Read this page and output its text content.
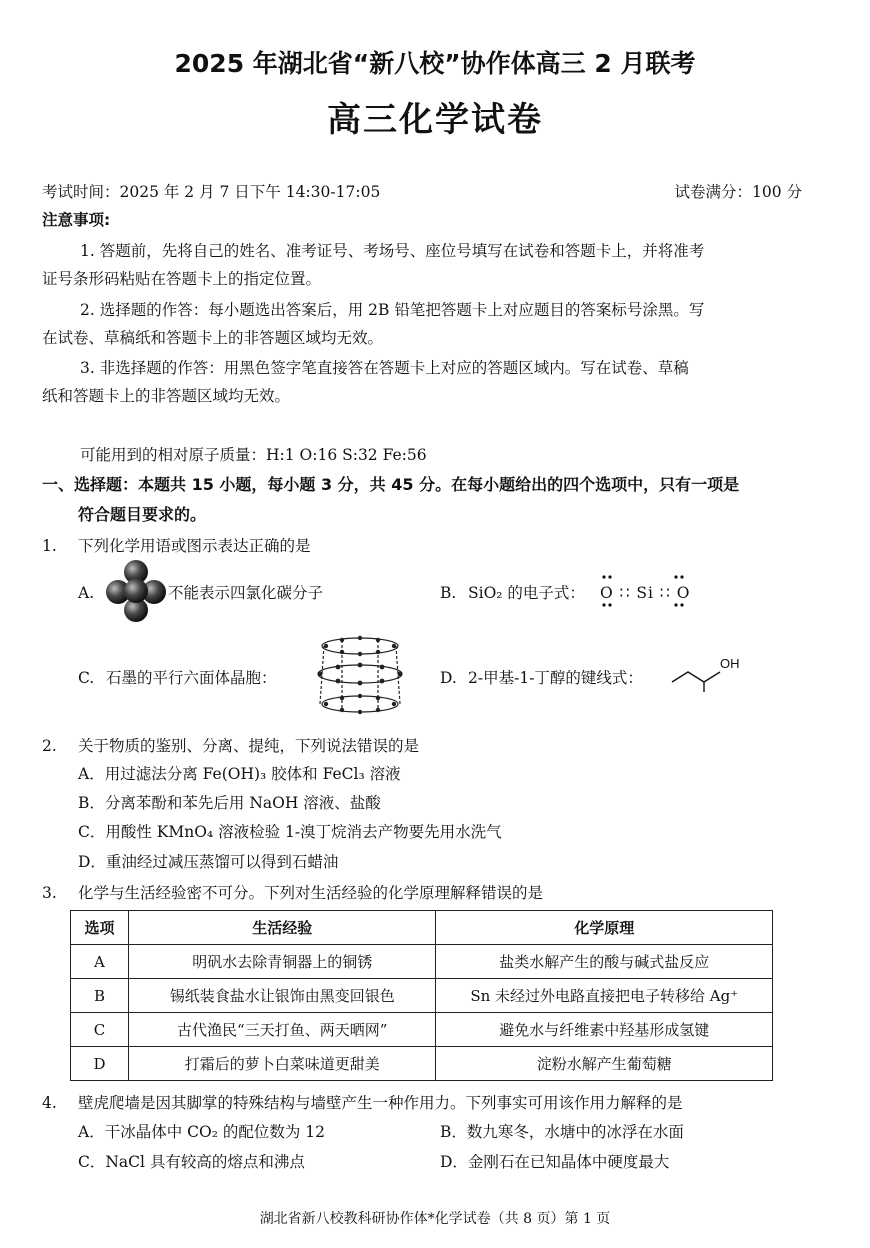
2025 年湖北省“新八校”协作体高三 2 月联考
高三化学试卷
考试时间：2025 年 2 月 7 日下午 14:30-17:05	试卷满分：100 分
注意事项:
1. 答题前，先将自己的姓名、准考证号、考场号、座位号填写在试卷和答题卡上，并将准考
证号条形码粘贴在答题卡上的指定位置。
2. 选择题的作答：每小题选出答案后，用 2B 铅笔把答题卡上对应题目的答案标号涂黑。写
在试卷、草稿纸和答题卡上的非答题区域均无效。
3. 非选择题的作答：用黑色签字笔直接答在答题卡上对应的答题区域内。写在试卷、草稿
纸和答题卡上的非答题区域均无效。
可能用到的相对原子质量：H:1 O:16 S:32 Fe:56
一、选择题：本题共 15 小题，每小题 3 分，共 45 分。在每小题给出的四个选项中，只有一项是
符合题目要求的。
1. 下列化学用语或图示表达正确的是
A.	不能表示四氯化碳分子	B. SiO₂ 的电子式： O ∷ Si ∷ O
C. 石墨的平行六面体晶胞：	D. 2-甲基-1-丁醇的键线式：
OH
2. 关于物质的鉴别、分离、提纯，下列说法错误的是
A．用过滤法分离 Fe(OH)₃ 胶体和 FeCl₃ 溶液
B．分离苯酚和苯先后用 NaOH 溶液、盐酸
C．用酸性 KMnO₄ 溶液检验 1-溴丁烷消去产物要先用水洗气
D．重油经过减压蒸馏可以得到石蜡油
3. 化学与生活经验密不可分。下列对生活经验的化学原理解释错误的是
选项	生活经验	化学原理
A	明矾水去除青铜器上的铜锈	盐类水解产生的酸与碱式盐反应
B	锡纸装食盐水让银饰由黑变回银色	Sn 未经过外电路直接把电子转移给 Ag⁺
C	古代渔民“三天打鱼、两天晒网”	避免水与纤维素中羟基形成氢键
D	打霜后的萝卜白菜味道更甜美	淀粉水解产生葡萄糖
4. 壁虎爬墙是因其脚掌的特殊结构与墙壁产生一种作用力。下列事实可用该作用力解释的是
A．干冰晶体中 CO₂ 的配位数为 12	B．数九寒冬，水塘中的冰浮在水面
C．NaCl 具有较高的熔点和沸点	D．金刚石在已知晶体中硬度最大
湖北省新八校教科研协作体*化学试卷（共 8 页）第 1 页
